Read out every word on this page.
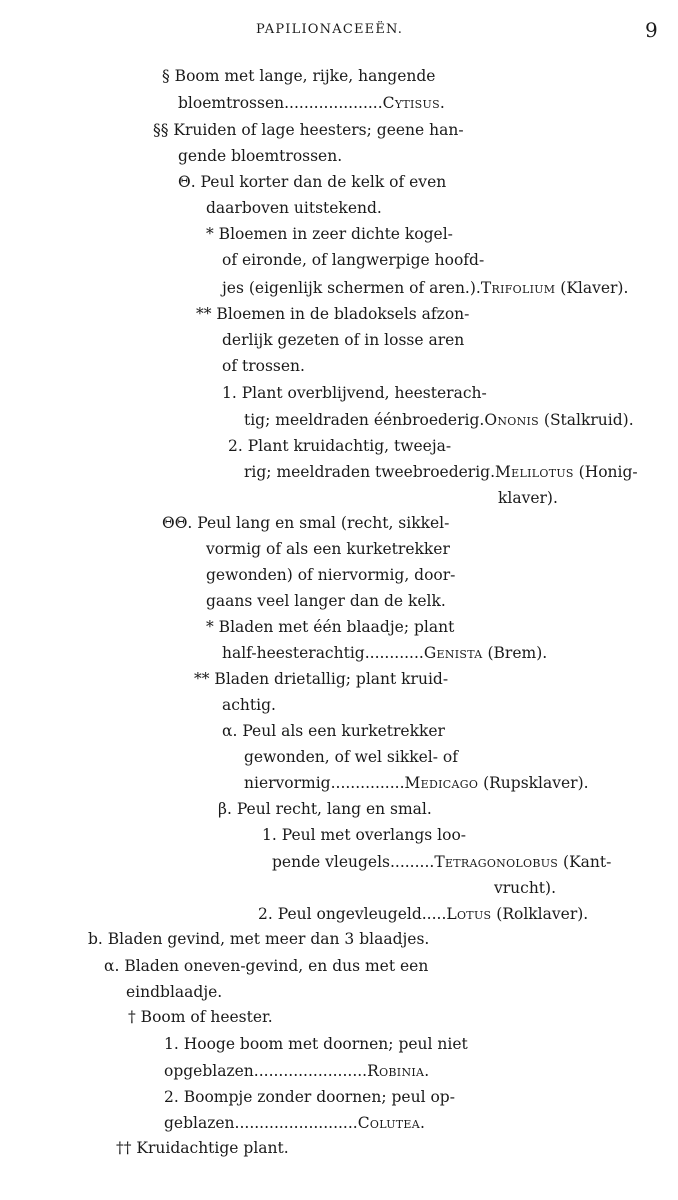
PAPILIONACEEËN.	9
§ Boom met lange, rijke, hangende
bloemtrossen....................Cytisus.
§§ Kruiden of lage heesters; geene han-
gende bloemtrossen.
Θ. Peul korter dan de kelk of even
daarboven uitstekend.
* Bloemen in zeer dichte kogel-
of eironde, of langwerpige hoofd-
jes (eigenlijk schermen of aren.).Trifolium (Klaver).
** Bloemen in de bladoksels afzon-
derlijk gezeten of in losse aren
of trossen.
1. Plant overblijvend, heesterach-
tig; meeldraden éénbroederig.Ononis (Stalkruid).
2. Plant kruidachtig, tweeja-
rig; meeldraden tweebroederig.Melilotus (Honig-
klaver).
ΘΘ. Peul lang en smal (recht, sikkel-
vormig of als een kurketrekker
gewonden) of niervormig, door-
gaans veel langer dan de kelk.
* Bladen met één blaadje; plant
half-heesterachtig............Genista (Brem).
** Bladen drietallig; plant kruid-
achtig.
α. Peul als een kurketrekker
gewonden, of wel sikkel- of
niervormig...............Medicago (Rupsklaver).
β. Peul recht, lang en smal.
1. Peul met overlangs loo-
pende vleugels.........Tetragonolobus (Kant-
vrucht).
2. Peul ongevleugeld.....Lotus (Rolklaver).
b. Bladen gevind, met meer dan 3 blaadjes.
α. Bladen oneven-gevind, en dus met een
eindblaadje.
† Boom of heester.
1. Hooge boom met doornen; peul niet
opgeblazen.......................Robinia.
2. Boompje zonder doornen; peul op-
geblazen.........................Colutea.
†† Kruidachtige plant.
